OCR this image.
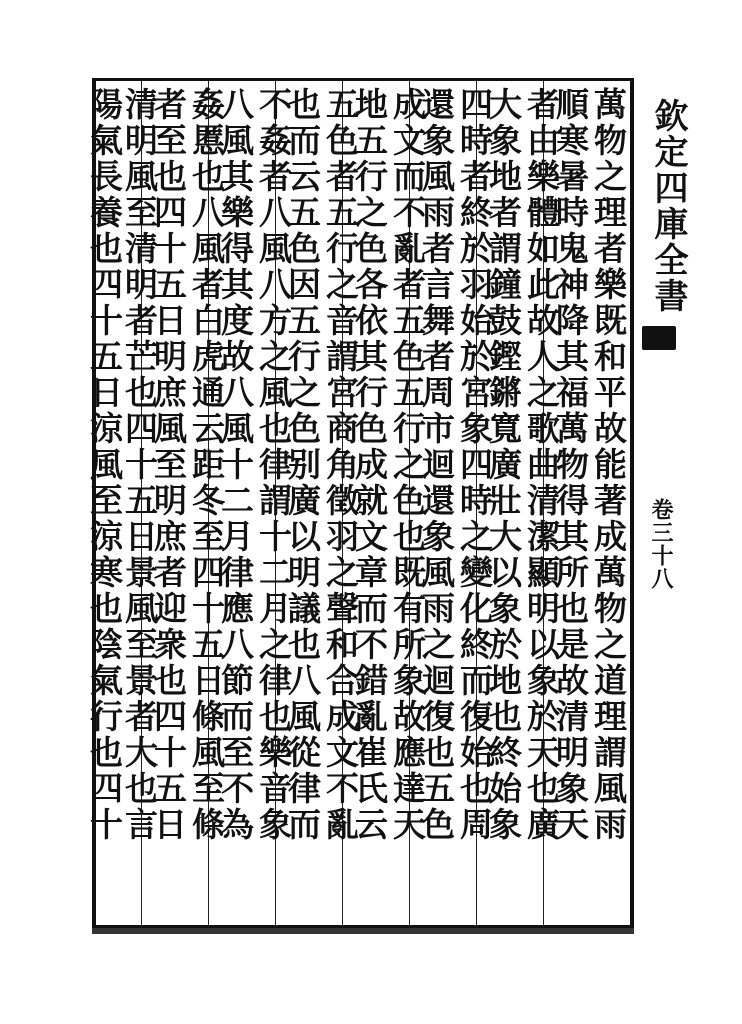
萬物之理者樂既和平故能著成萬物之道理謂風雨
順寒暑時鬼神降其福萬物得其所也是故清明象天
者由樂體如此故人之歌曲清潔顯明以象於天也廣
大象地者謂鐘鼓鏗鏘寬廣壯大以象於地也終始象
四時者終於羽始於宮象四時之變化終而復始也周
還象風雨者言舞者周市迴還象風雨之迴復也五色
成文而不亂者五色五行之色也既有所象故應達天
地五行之色各依其行色成就文章而不錯亂崔氏云
五色者五行之音謂宮商角徵羽之聲和合成文不亂
也而云五色因五行之色别廣以明議也八風從律而
不姦者八風八方之風也律謂十二月之律也樂音象
八風其樂得其度故八風十二月律應八節而至不為
姦慝也八風者白虎通云距冬至四十五日條風至條
者至也四十五日明庶風至明庶者迎衆也四十五日
清明風至清明者芒也四十五日景風至景者大也言
陽氣長養也四十五日涼風至涼寒也陰氣行也四十	欽定四庫全書
卷三十八
